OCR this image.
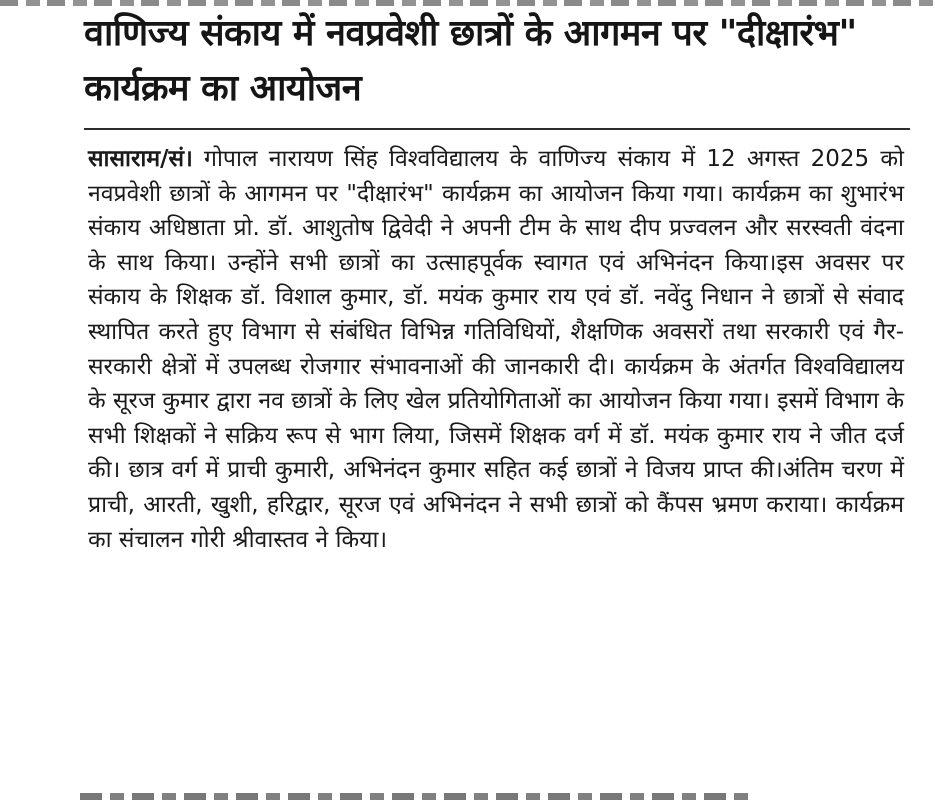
वाणिज्य संकाय में नवप्रवेशी छात्रों के आगमन पर "दीक्षारंभ" कार्यक्रम का आयोजन

सासाराम/सं। गोपाल नारायण सिंह विश्वविद्यालय के वाणिज्य संकाय में 12 अगस्त 2025 को नवप्रवेशी छात्रों के आगमन पर "दीक्षारंभ" कार्यक्रम का आयोजन किया गया। कार्यक्रम का शुभारंभ संकाय अधिष्ठाता प्रो. डॉ. आशुतोष द्विवेदी ने अपनी टीम के साथ दीप प्रज्वलन और सरस्वती वंदना के साथ किया। उन्होंने सभी छात्रों का उत्साहपूर्वक स्वागत एवं अभिनंदन किया।इस अवसर पर संकाय के शिक्षक डॉ. विशाल कुमार, डॉ. मयंक कुमार राय एवं डॉ. नवेंदु निधान ने छात्रों से संवाद स्थापित करते हुए विभाग से संबंधित विभिन्न गतिविधियों, शैक्षणिक अवसरों तथा सरकारी एवं गैर-सरकारी क्षेत्रों में उपलब्ध रोजगार संभावनाओं की जानकारी दी। कार्यक्रम के अंतर्गत विश्वविद्यालय के सूरज कुमार द्वारा नव छात्रों के लिए खेल प्रतियोगिताओं का आयोजन किया गया। इसमें विभाग के सभी शिक्षकों ने सक्रिय रूप से भाग लिया, जिसमें शिक्षक वर्ग में डॉ. मयंक कुमार राय ने जीत दर्ज की। छात्र वर्ग में प्राची कुमारी, अभिनंदन कुमार सहित कई छात्रों ने विजय प्राप्त की।अंतिम चरण में प्राची, आरती, खुशी, हरिद्वार, सूरज एवं अभिनंदन ने सभी छात्रों को कैंपस भ्रमण कराया। कार्यक्रम का संचालन गोरी श्रीवास्तव ने किया।
